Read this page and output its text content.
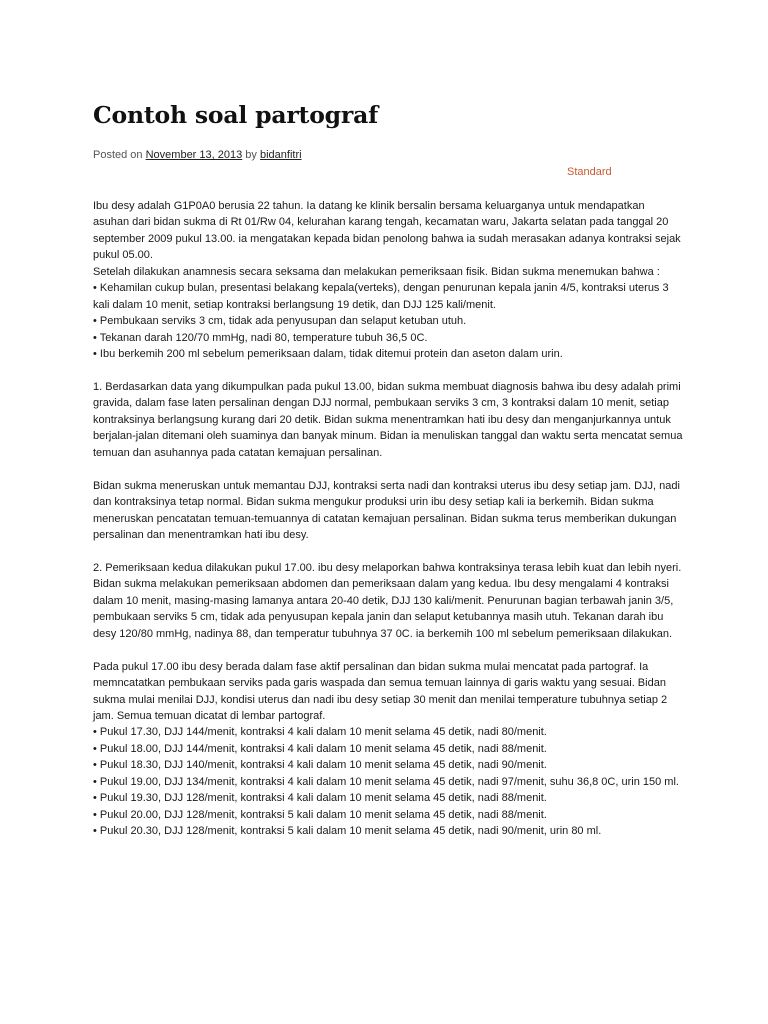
Contoh soal partograf
Posted on November 13, 2013 by bidanfitri
Standard

Ibu desy adalah G1P0A0 berusia 22 tahun. Ia datang ke klinik bersalin bersama keluarganya untuk mendapatkan asuhan dari bidan sukma di Rt 01/Rw 04, kelurahan karang tengah, kecamatan waru, Jakarta selatan pada tanggal 20 september 2009 pukul 13.00. ia mengatakan kepada bidan penolong bahwa ia sudah merasakan adanya kontraksi sejak pukul 05.00.
Setelah dilakukan anamnesis secara seksama dan melakukan pemeriksaan fisik. Bidan sukma menemukan bahwa :
• Kehamilan cukup bulan, presentasi belakang kepala(verteks), dengan penurunan kepala janin 4/5, kontraksi uterus 3 kali dalam 10 menit, setiap kontraksi berlangsung 19 detik, dan DJJ 125 kali/menit.
• Pembukaan serviks 3 cm, tidak ada penyusupan dan selaput ketuban utuh.
• Tekanan darah 120/70 mmHg, nadi 80, temperature tubuh 36,5 0C.
• Ibu berkemih 200 ml sebelum pemeriksaan dalam, tidak ditemui protein dan aseton dalam urin.

1. Berdasarkan data yang dikumpulkan pada pukul 13.00, bidan sukma membuat diagnosis bahwa ibu desy adalah primi gravida, dalam fase laten persalinan dengan DJJ normal, pembukaan serviks 3 cm, 3 kontraksi dalam 10 menit, setiap kontraksinya berlangsung kurang dari 20 detik. Bidan sukma menentramkan hati ibu desy dan menganjurkannya untuk berjalan-jalan ditemani oleh suaminya dan banyak minum. Bidan ia menuliskan tanggal dan waktu serta mencatat semua temuan dan asuhannya pada catatan kemajuan persalinan.

Bidan sukma meneruskan untuk memantau DJJ, kontraksi serta nadi dan kontraksi uterus ibu desy setiap jam. DJJ, nadi dan kontraksinya tetap normal. Bidan sukma mengukur produksi urin ibu desy setiap kali ia berkemih. Bidan sukma meneruskan pencatatan temuan-temuannya di catatan kemajuan persalinan. Bidan sukma terus memberikan dukungan persalinan dan menentramkan hati ibu desy.

2. Pemeriksaan kedua dilakukan pukul 17.00. ibu desy melaporkan bahwa kontraksinya terasa lebih kuat dan lebih nyeri. Bidan sukma melakukan pemeriksaan abdomen dan pemeriksaan dalam yang kedua. Ibu desy mengalami 4 kontraksi dalam 10 menit, masing-masing lamanya antara 20-40 detik, DJJ 130 kali/menit. Penurunan bagian terbawah janin 3/5, pembukaan serviks 5 cm, tidak ada penyusupan kepala janin dan selaput ketubannya masih utuh. Tekanan darah ibu desy 120/80 mmHg, nadinya 88, dan temperatur tubuhnya 37 0C. ia berkemih 100 ml sebelum pemeriksaan dilakukan.

Pada pukul 17.00 ibu desy berada dalam fase aktif persalinan dan bidan sukma mulai mencatat pada partograf. Ia memncatatkan pembukaan serviks pada garis waspada dan semua temuan lainnya di garis waktu yang sesuai. Bidan sukma mulai menilai DJJ, kondisi uterus dan nadi ibu desy setiap 30 menit dan menilai temperature tubuhnya setiap 2 jam. Semua temuan dicatat di lembar partograf.
• Pukul 17.30, DJJ 144/menit, kontraksi 4 kali dalam 10 menit selama 45 detik, nadi 80/menit.
• Pukul 18.00, DJJ 144/menit, kontraksi 4 kali dalam 10 menit selama 45 detik, nadi 88/menit.
• Pukul 18.30, DJJ 140/menit, kontraksi 4 kali dalam 10 menit selama 45 detik, nadi 90/menit.
• Pukul 19.00, DJJ 134/menit, kontraksi 4 kali dalam 10 menit selama 45 detik, nadi 97/menit, suhu 36,8 0C, urin 150 ml.
• Pukul 19.30, DJJ 128/menit, kontraksi 4 kali dalam 10 menit selama 45 detik, nadi 88/menit.
• Pukul 20.00, DJJ 128/menit, kontraksi 5 kali dalam 10 menit selama 45 detik, nadi 88/menit.
• Pukul 20.30, DJJ 128/menit, kontraksi 5 kali dalam 10 menit selama 45 detik, nadi 90/menit, urin 80 ml.
